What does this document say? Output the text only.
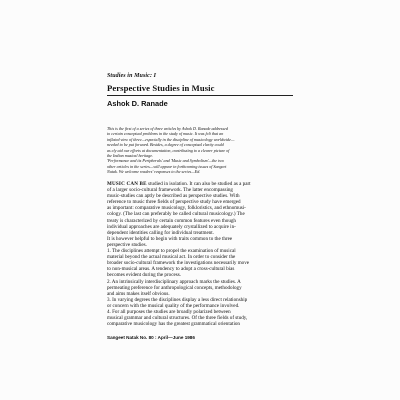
Studies in Music: I
Perspective Studies in Music
Ashok D. Ranade
This is the first of a series of three articles by Ashok D. Ranade addressed
to certain conceptual problems in the study of music. It was felt that an
inflated view of three—especially in the discipline of musicology worldwide—
needed to be put forward. Besides, a degree of conceptual clarity could
as ely aid our efforts at documentation, contributing to a clearer picture of
the Indian musical heritage.
'Performance and its Peripherals' and 'Music and Symbolism'—the two
other articles in the series—will appear in forthcoming issues of Sangeet
Natak. We welcome readers' responses to the series—Ed.
MUSIC CAN BE studied in isolation. It can also be studied as a part
of a larger socio-cultural framework. The latter encompassing
music-studies can aptly be described as perspective studies. With
reference to music three fields of perspective study have emerged
as important: comparative musicology, folkloristics, and ethnomusi-
cology. (The last can preferably be called cultural musicology.) The
treaty is characterized by certain common features even though
individual approaches are adequately crystallized to acquire in-
dependent identities calling for individual treatment.
It is however helpful to begin with traits common to the three
perspective studies.
1. The disciplines attempt to propel the examination of musical
material beyond the actual musical act. In order to consider the
broader socio-cultural framework the investigations necessarily move
to non-musical areas. A tendency to adopt a cross-cultural bias
becomes evident during the process.
2. An intrinsically interdisciplinary approach marks the studies. A
permeating preference for anthropological concepts, methodology
and aims makes itself obvious.
3. In varying degrees the disciplines display a less direct relationship
or concern with the musical quality of the performance involved.
4. For all purposes the studies are broadly polarized between
musical grammar and cultural structures. Of the three fields of study,
comparative musicology has the greatest grammatical orientation
Sangeet Natak No. 80 : April—June 1986
